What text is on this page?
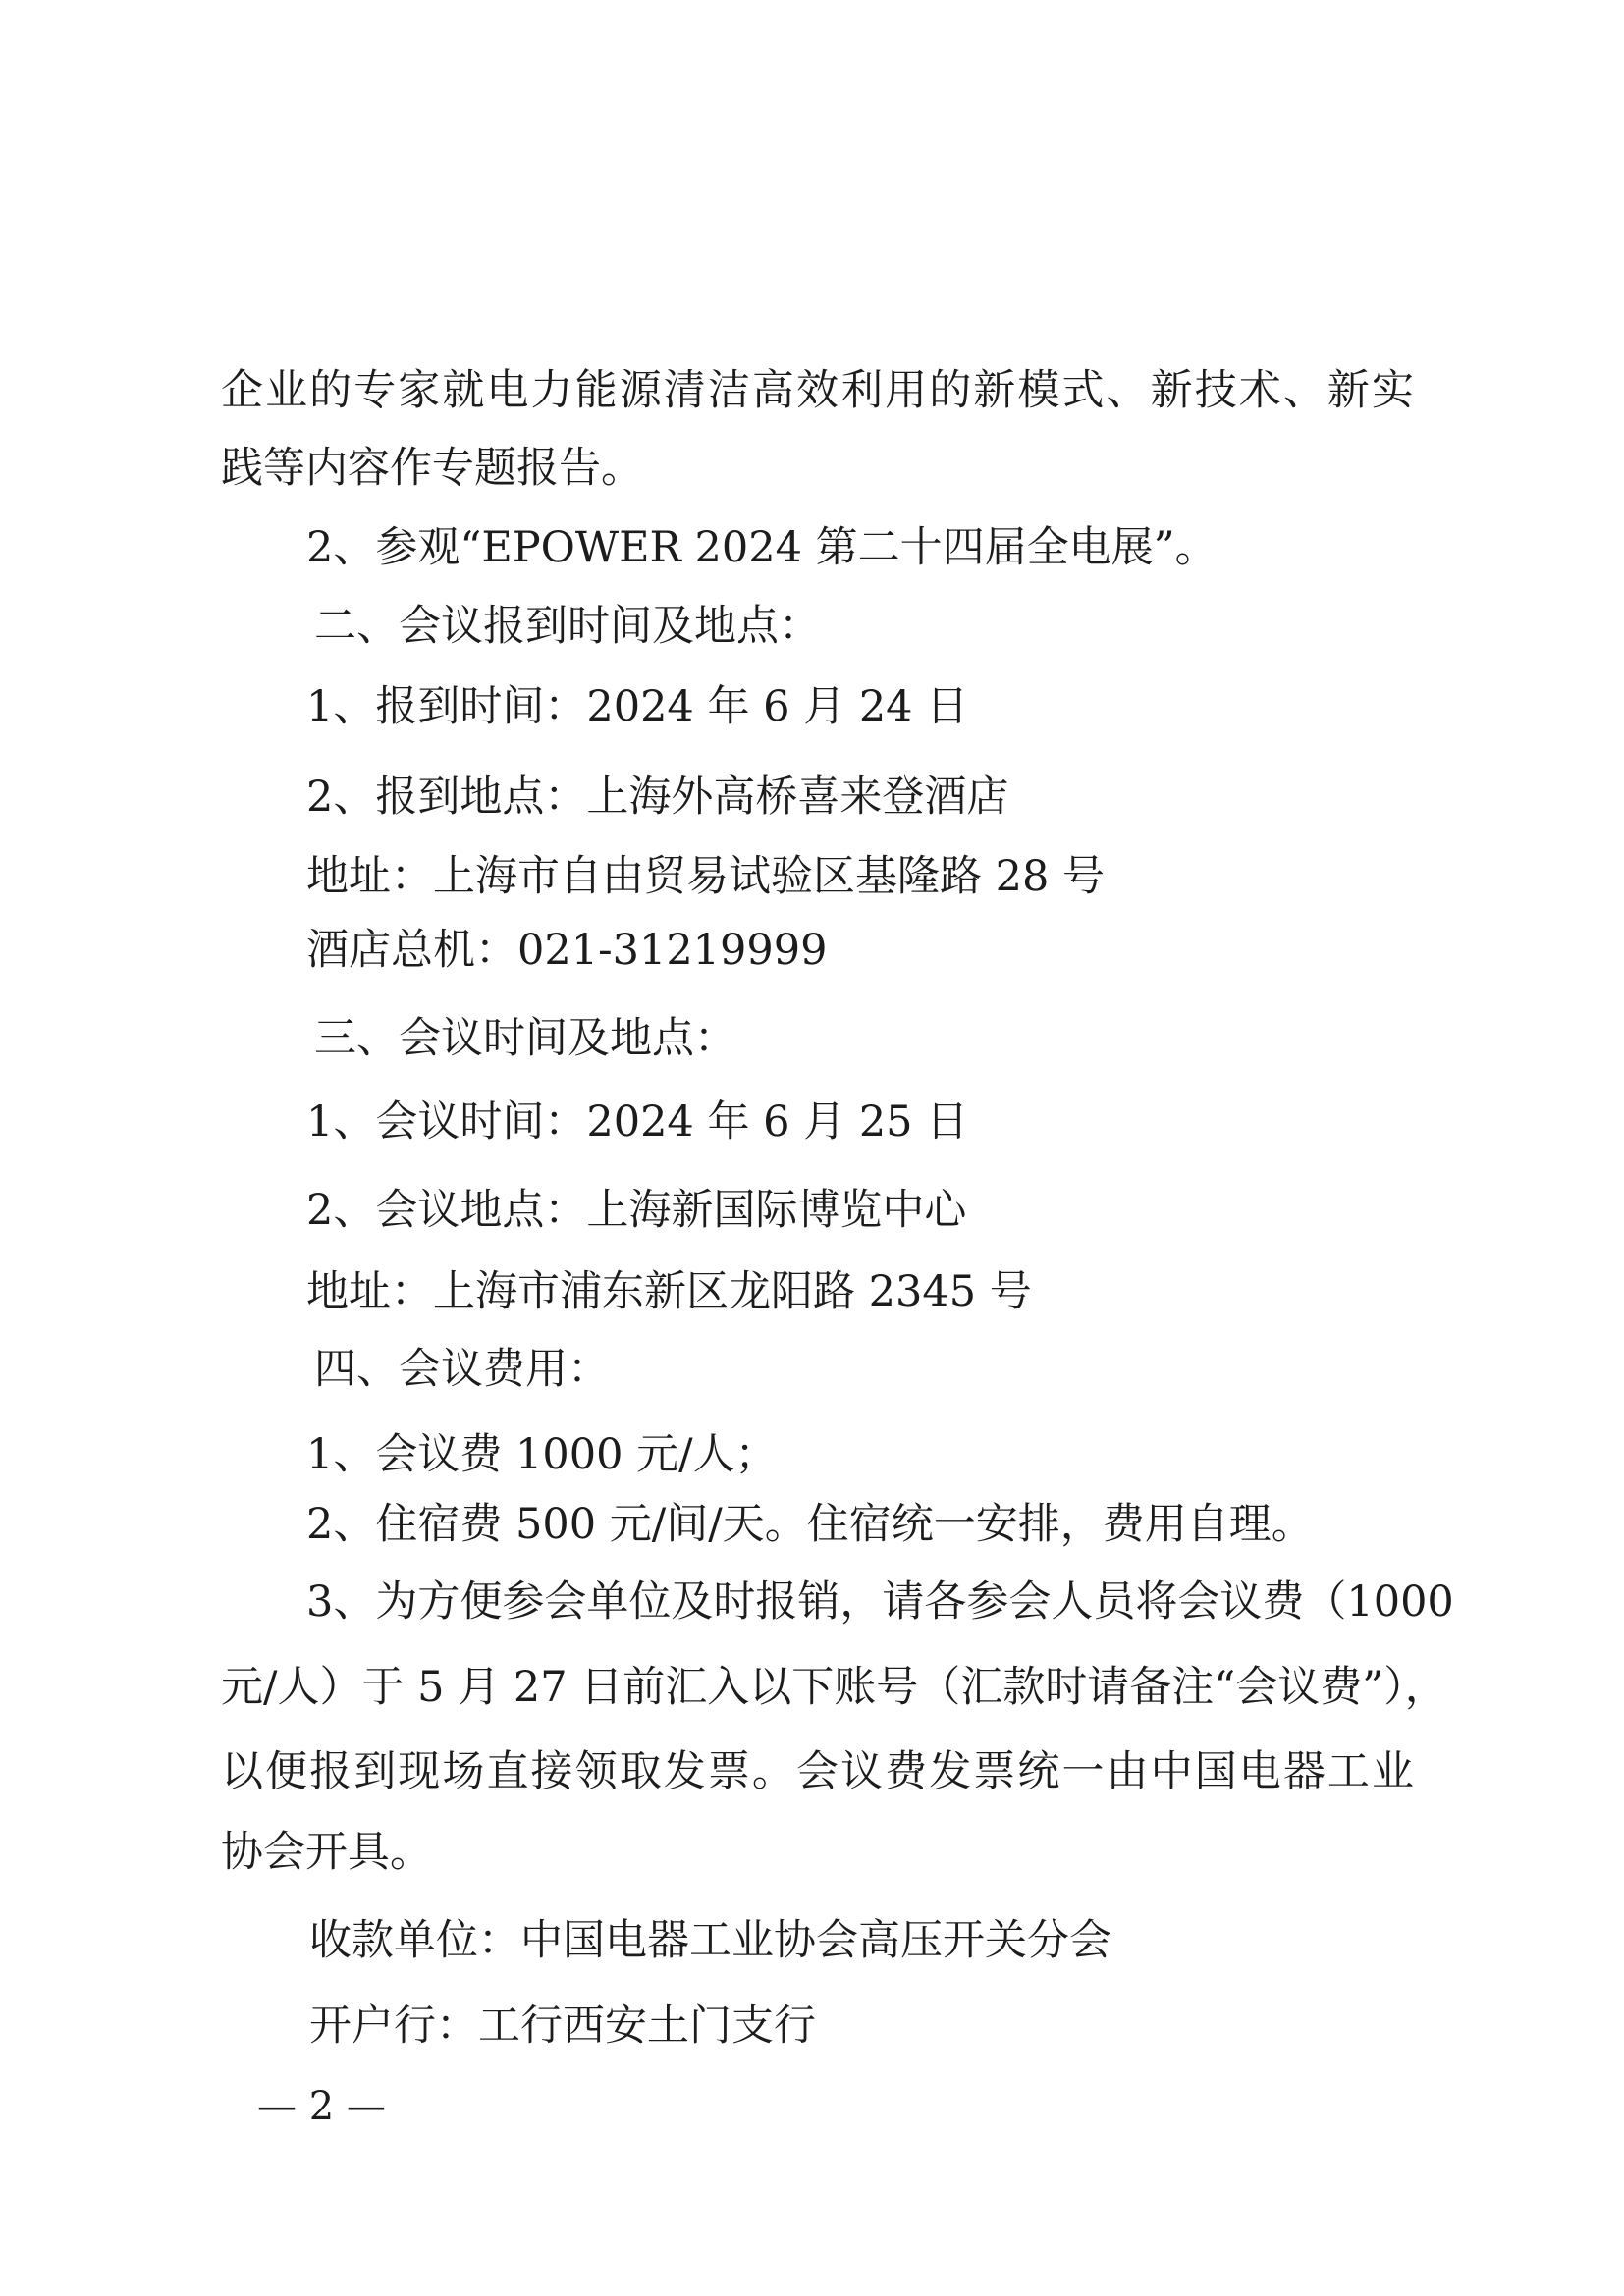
企业的专家就电力能源清洁高效利用的新模式、新技术、新实
践等内容作专题报告。
2、参观“EPOWER 2024 第二十四届全电展”。
二、会议报到时间及地点：
1、报到时间：2024 年 6 月 24 日
2、报到地点：上海外高桥喜来登酒店
地址：上海市自由贸易试验区基隆路 28 号
酒店总机：021-31219999
三、会议时间及地点：
1、会议时间：2024 年 6 月 25 日
2、会议地点：上海新国际博览中心
地址：上海市浦东新区龙阳路 2345 号
四、会议费用：
1、会议费 1000 元/人；
2、住宿费 500 元/间/天。住宿统一安排，费用自理。
3、为方便参会单位及时报销，请各参会人员将会议费（1000
元/人）于 5 月 27 日前汇入以下账号（汇款时请备注“会议费”），
以便报到现场直接领取发票。会议费发票统一由中国电器工业
协会开具。
收款单位：中国电器工业协会高压开关分会
开户行：工行西安土门支行
— 2 —
